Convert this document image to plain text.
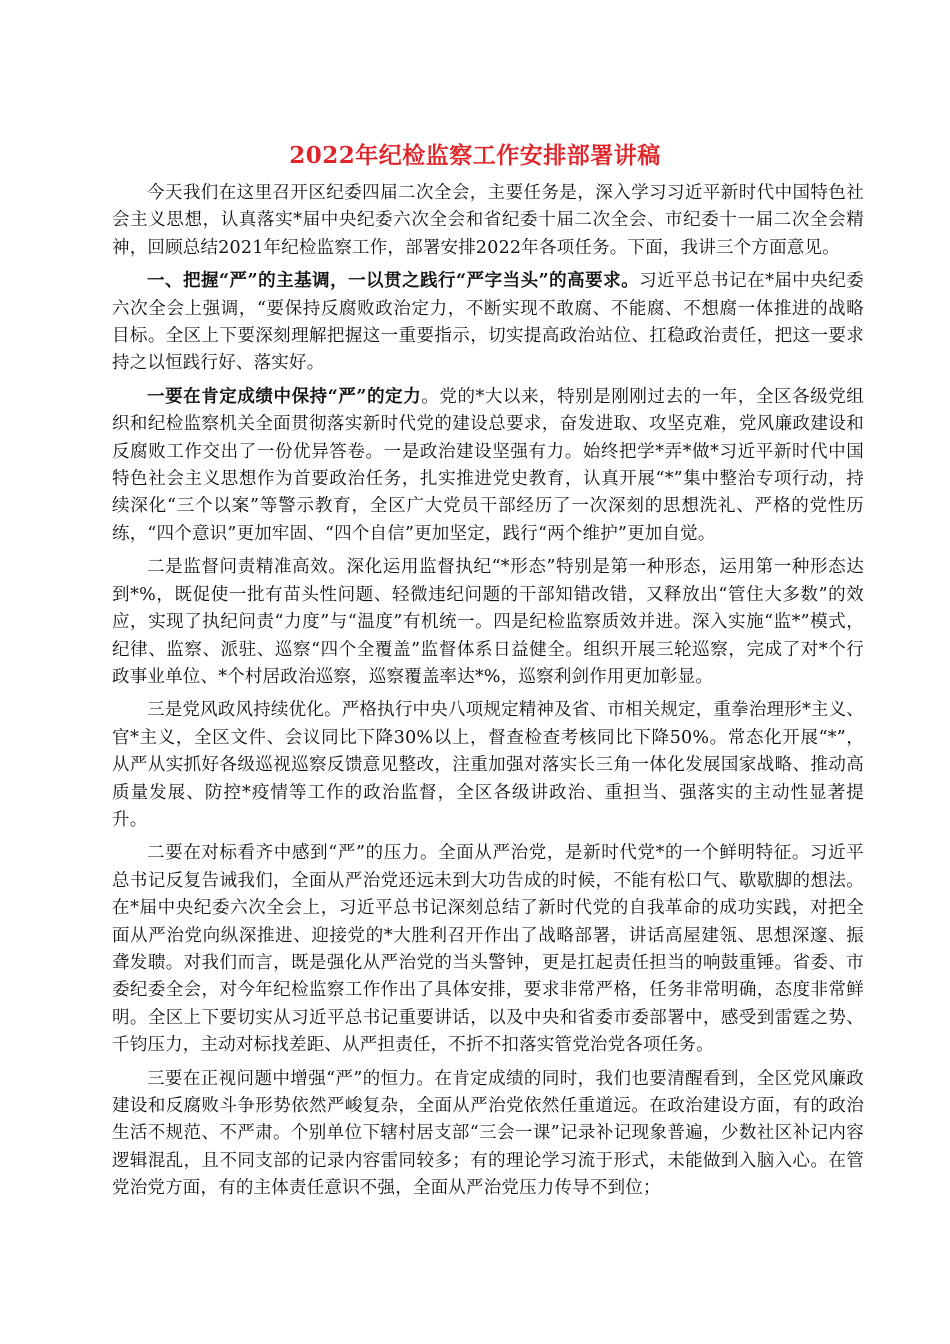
2022年纪检监察工作安排部署讲稿

今天我们在这里召开区纪委四届二次全会，主要任务是，深入学习习近平新时代中国特色社会主义思想，认真落实*届中央纪委六次全会和省纪委十届二次全会、市纪委十一届二次全会精神，回顾总结2021年纪检监察工作，部署安排2022年各项任务。下面，我讲三个方面意见。

一、把握“严”的主基调，一以贯之践行“严字当头”的高要求。习近平总书记在*届中央纪委六次全会上强调，“要保持反腐败政治定力，不断实现不敢腐、不能腐、不想腐一体推进的战略目标。全区上下要深刻理解把握这一重要指示，切实提高政治站位、扛稳政治责任，把这一要求持之以恒践行好、落实好。

一要在肯定成绩中保持“严”的定力。党的*大以来，特别是刚刚过去的一年，全区各级党组织和纪检监察机关全面贯彻落实新时代党的建设总要求，奋发进取、攻坚克难，党风廉政建设和反腐败工作交出了一份优异答卷。一是政治建设坚强有力。始终把学*弄*做*习近平新时代中国特色社会主义思想作为首要政治任务，扎实推进党史教育，认真开展“*”集中整治专项行动，持续深化“三个以案”等警示教育，全区广大党员干部经历了一次深刻的思想洗礼、严格的党性历练，“四个意识”更加牢固、“四个自信”更加坚定，践行“两个维护”更加自觉。

二是监督问责精准高效。深化运用监督执纪“*形态”特别是第一种形态，运用第一种形态达到*%，既促使一批有苗头性问题、轻微违纪问题的干部知错改错，又释放出“管住大多数”的效应，实现了执纪问责“力度”与“温度”有机统一。四是纪检监察质效并进。深入实施“监*”模式，纪律、监察、派驻、巡察“四个全覆盖”监督体系日益健全。组织开展三轮巡察，完成了对*个行政事业单位、*个村居政治巡察，巡察覆盖率达*%，巡察利剑作用更加彰显。

三是党风政风持续优化。严格执行中央八项规定精神及省、市相关规定，重拳治理形*主义、官*主义，全区文件、会议同比下降30%以上，督查检查考核同比下降50%。常态化开展“*”，从严从实抓好各级巡视巡察反馈意见整改，注重加强对落实长三角一体化发展国家战略、推动高质量发展、防控*疫情等工作的政治监督，全区各级讲政治、重担当、强落实的主动性显著提升。

二要在对标看齐中感到“严”的压力。全面从严治党，是新时代党*的一个鲜明特征。习近平总书记反复告诫我们，全面从严治党还远未到大功告成的时候，不能有松口气、歇歇脚的想法。在*届中央纪委六次全会上，习近平总书记深刻总结了新时代党的自我革命的成功实践，对把全面从严治党向纵深推进、迎接党的*大胜利召开作出了战略部署，讲话高屋建瓴、思想深邃、振聋发聩。对我们而言，既是强化从严治党的当头警钟，更是扛起责任担当的响鼓重锤。省委、市委纪委全会，对今年纪检监察工作作出了具体安排，要求非常严格，任务非常明确，态度非常鲜明。全区上下要切实从习近平总书记重要讲话，以及中央和省委市委部署中，感受到雷霆之势、千钧压力，主动对标找差距、从严担责任，不折不扣落实管党治党各项任务。

三要在正视问题中增强“严”的恒力。在肯定成绩的同时，我们也要清醒看到，全区党风廉政建设和反腐败斗争形势依然严峻复杂，全面从严治党依然任重道远。在政治建设方面，有的政治生活不规范、不严肃。个别单位下辖村居支部“三会一课”记录补记现象普遍，少数社区补记内容逻辑混乱，且不同支部的记录内容雷同较多；有的理论学习流于形式，未能做到入脑入心。在管党治党方面，有的主体责任意识不强，全面从严治党压力传导不到位；
